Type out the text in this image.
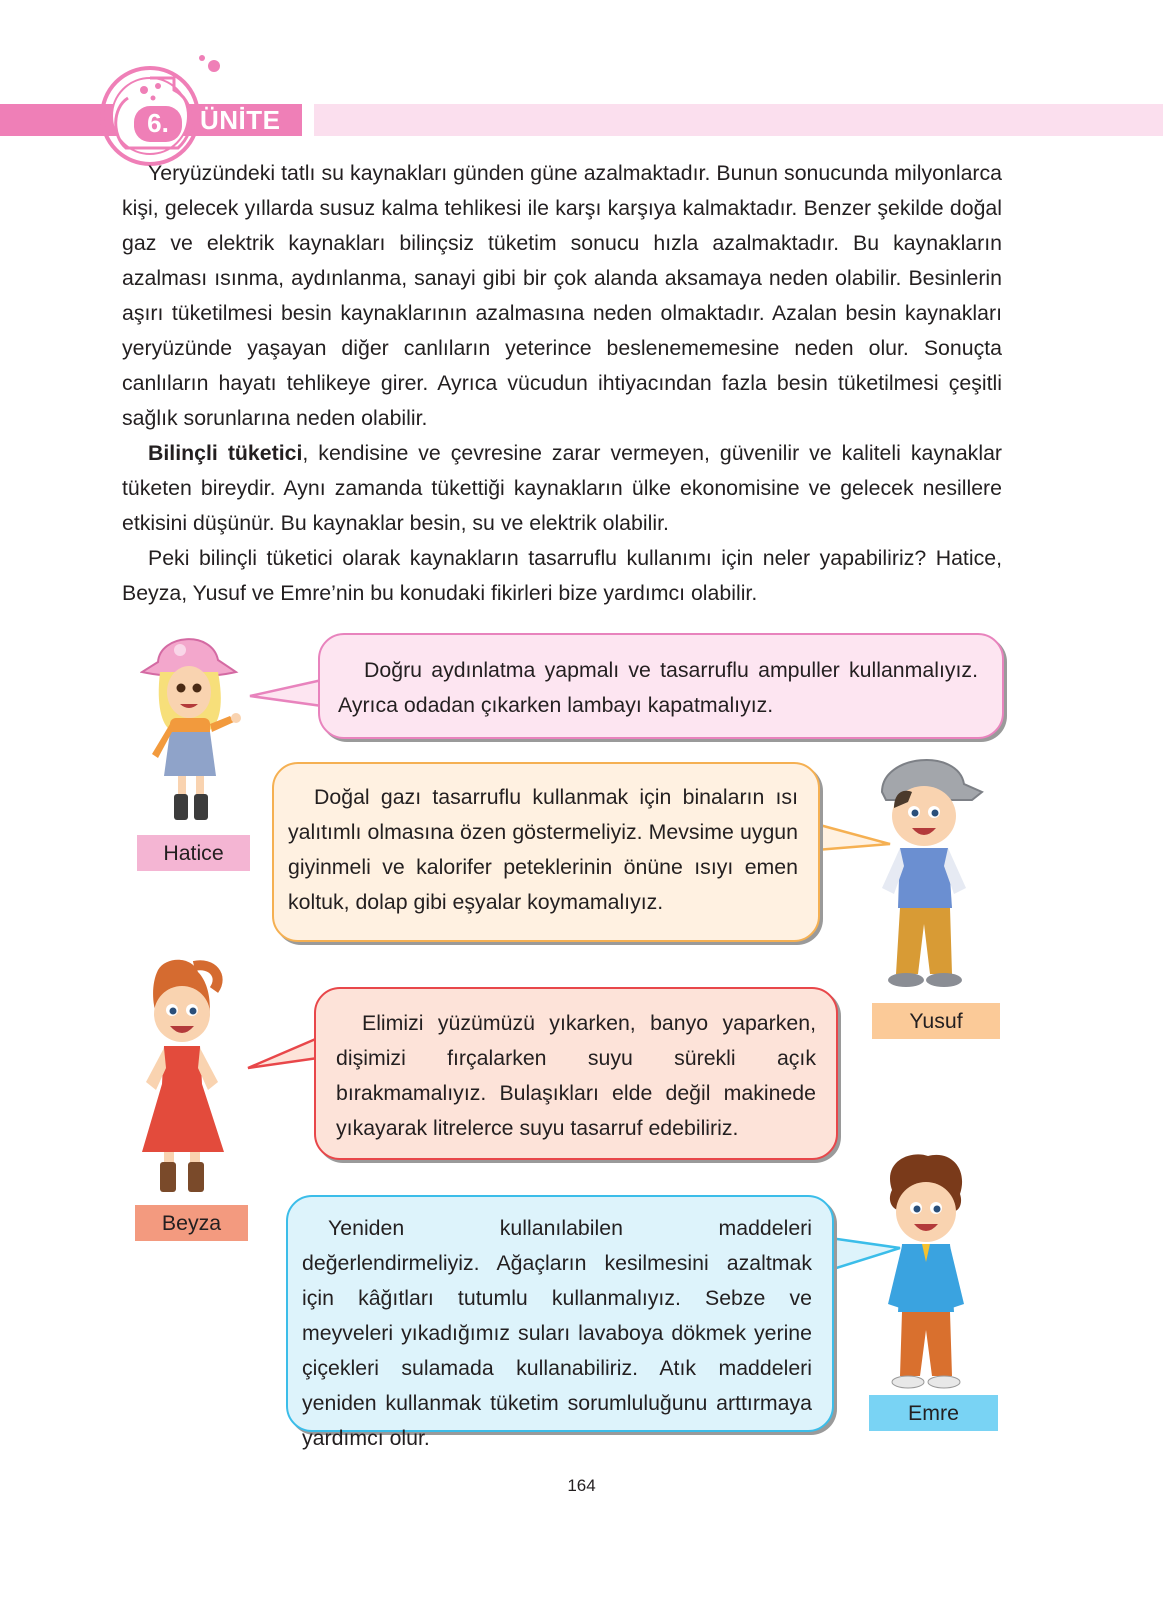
6.	ÜNİTE

Yeryüzündeki tatlı su kaynakları günden güne azalmaktadır. Bunun sonucunda milyonlarca kişi, gelecek yıllarda susuz kalma tehlikesi ile karşı karşıya kalmaktadır. Benzer şekilde doğal gaz ve elektrik kaynakları bilinçsiz tüketim sonucu hızla azalmaktadır. Bu kaynakların azalması ısınma, aydınlanma, sanayi gibi bir çok alanda aksamaya neden olabilir. Besinlerin aşırı tüketilmesi besin kaynaklarının azalmasına neden olmaktadır. Azalan besin kaynakları yeryüzünde yaşayan diğer canlıların yeterince beslenememesine neden olur. Sonuçta canlıların hayatı tehlikeye girer. Ayrıca vücudun ihtiyacından fazla besin tüketilmesi çeşitli sağlık sorunlarına neden olabilir.

Bilinçli tüketici, kendisine ve çevresine zarar vermeyen, güvenilir ve kaliteli kaynaklar tüketen bireydir. Aynı zamanda tükettiği kaynakların ülke ekonomisine ve gelecek nesillere etkisini düşünür. Bu kaynaklar besin, su ve elektrik olabilir.

Peki bilinçli tüketici olarak kaynakların tasarruflu kullanımı için neler yapabiliriz? Hatice, Beyza, Yusuf ve Emre’nin bu konudaki fikirleri bize yardımcı olabilir.

Hatice

Doğru aydınlatma yapmalı ve tasarruflu ampuller kullanmalıyız. Ayrıca odadan çıkarken lambayı kapatmalıyız.

Yusuf

Doğal gazı tasarruflu kullanmak için binaların ısı yalıtımlı olmasına özen göstermeliyiz. Mevsime uygun giyinmeli ve kalorifer peteklerinin önüne ısıyı emen koltuk, dolap gibi eşyalar koymamalıyız.

Beyza

Elimizi yüzümüzü yıkarken, banyo yaparken, dişimizi fırçalarken suyu sürekli açık bırakmamalıyız. Bulaşıkları elde değil makinede yıkayarak litrelerce suyu tasarruf edebiliriz.

Emre

Yeniden kullanılabilen maddeleri değerlendirmeliyiz. Ağaçların kesilmesini azaltmak için kâğıtları tutumlu kullanmalıyız. Sebze ve meyveleri yıkadığımız suları lavaboya dökmek yerine çiçekleri sulamada kullanabiliriz. Atık maddeleri yeniden kullanmak tüketim sorumluluğunu arttırmaya yardımcı olur.

164
